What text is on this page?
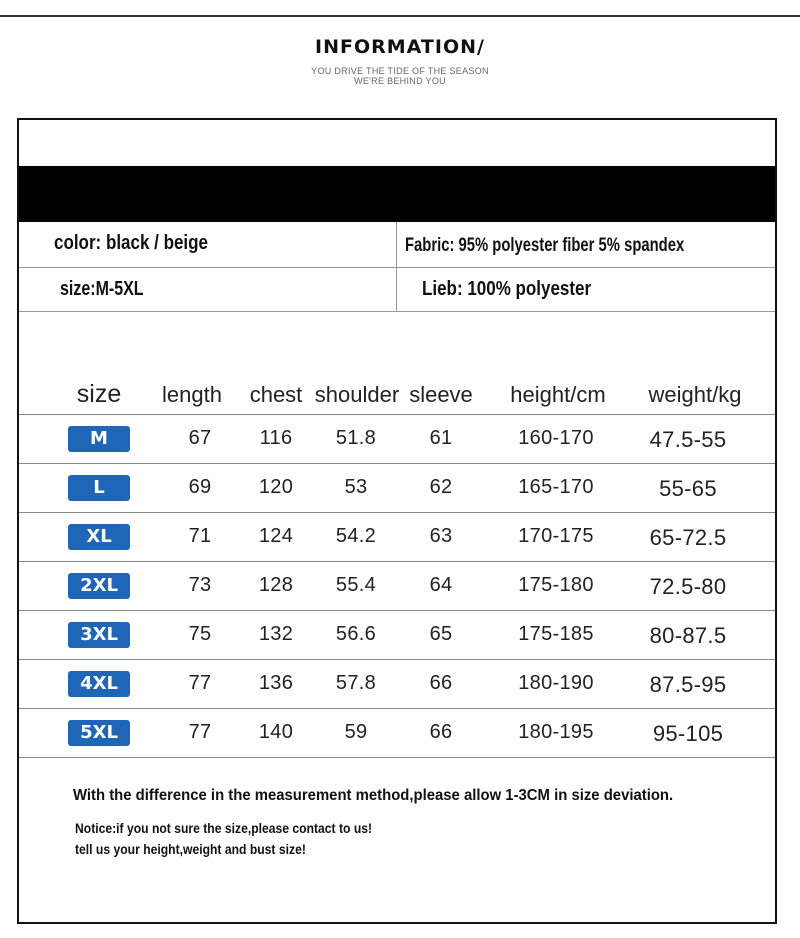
INFORMATION/
YOU DRIVE THE TIDE OF THE SEASON
WE'RE BEHIND YOU
color: black / beige	Fabric: 95% polyester fiber 5% spandex
size:M-5XL	Lieb: 100% polyester
size length chest shoulder sleeve height/cm weight/kg
M	67 116 51.8	61	160-170	47.5-55
L	69 120	53	62	165-170	55-65
XL	71 124 54.2	63	170-175	65-72.5
2XL	73 128 55.4	64	175-180	72.5-80
3XL	75 132 56.6	65	175-185	80-87.5
4XL	77 136 57.8	66	180-190	87.5-95
5XL	77 140	59	66	180-195	95-105
With the difference in the measurement method,please allow 1-3CM in size deviation.
Notice:if you not sure the size,please contact to us!
tell us your height,weight and bust size!
